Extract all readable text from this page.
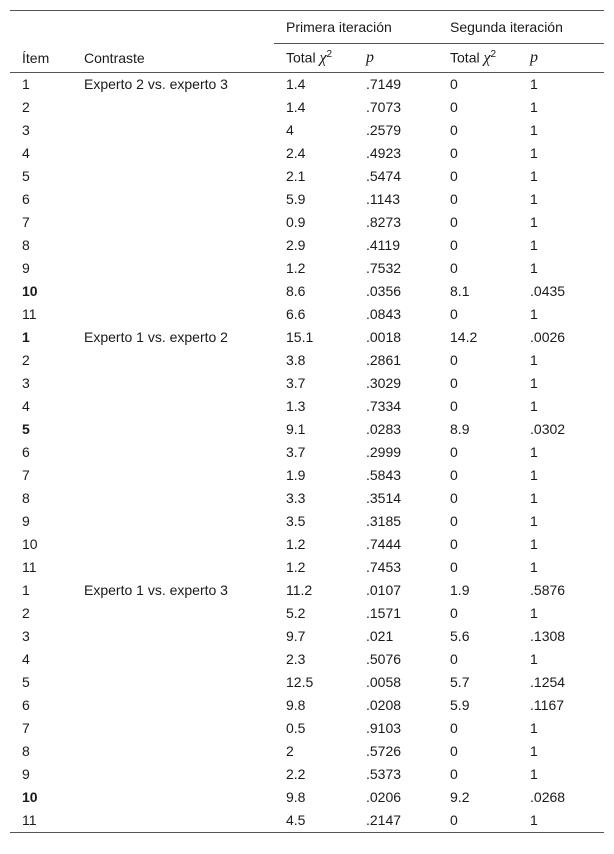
		Primera iteración		Segunda iteración	
Ítem	Contraste	Total $\chi^2$	p	Total $\chi^2$	p
1	Experto 2 vs. experto 3	1.4	.7149	0	1
2		1.4	.7073	0	1
3		4	.2579	0	1
4		2.4	.4923	0	1
5		2.1	.5474	0	1
6		5.9	.1143	0	1
7		0.9	.8273	0	1
8		2.9	.4119	0	1
9		1.2	.7532	0	1
10		8.6	.0356	8.1	.0435
11		6.6	.0843	0	1
1	Experto 1 vs. experto 2	15.1	.0018	14.2	.0026
2		3.8	.2861	0	1
3		3.7	.3029	0	1
4		1.3	.7334	0	1
5		9.1	.0283	8.9	.0302
6		3.7	.2999	0	1
7		1.9	.5843	0	1
8		3.3	.3514	0	1
9		3.5	.3185	0	1
10		1.2	.7444	0	1
11		1.2	.7453	0	1
1	Experto 1 vs. experto 3	11.2	.0107	1.9	.5876
2		5.2	.1571	0	1
3		9.7	.021	5.6	.1308
4		2.3	.5076	0	1
5		12.5	.0058	5.7	.1254
6		9.8	.0208	5.9	.1167
7		0.5	.9103	0	1
8		2	.5726	0	1
9		2.2	.5373	0	1
10		9.8	.0206	9.2	.0268
11		4.5	.2147	0	1
